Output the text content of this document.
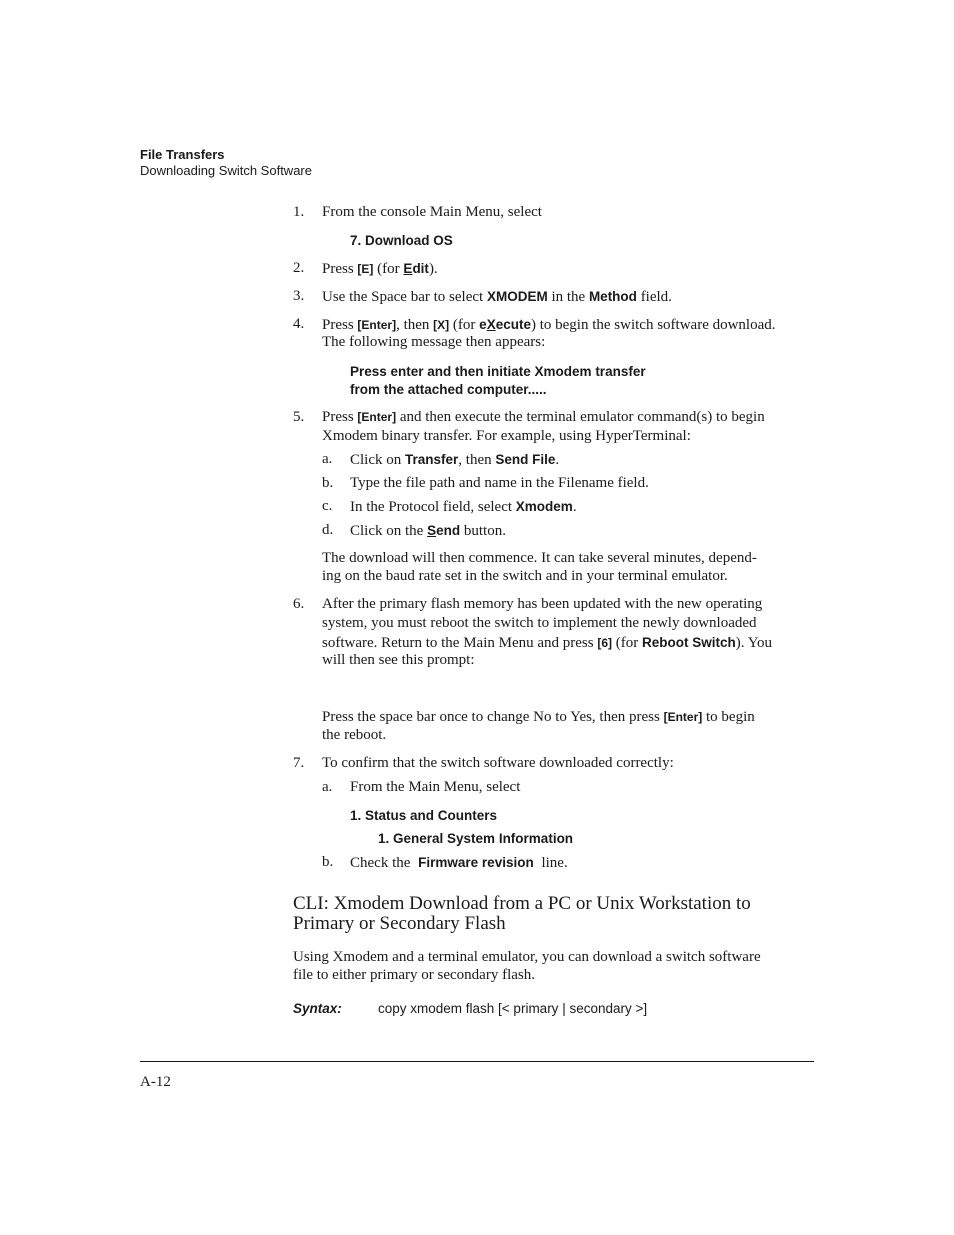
File Transfers
Downloading Switch Software
1. From the console Main Menu, select
7. Download OS
2. Press [E] (for Edit).
3. Use the Space bar to select XMODEM in the Method field.
4. Press [Enter], then [X] (for eXecute) to begin the switch software download.
The following message then appears:
Press enter and then initiate Xmodem transfer
from the attached computer.....
5. Press [Enter] and then execute the terminal emulator command(s) to begin
Xmodem binary transfer. For example, using HyperTerminal:
a. Click on Transfer, then Send File.
b. Type the file path and name in the Filename field.
c. In the Protocol field, select Xmodem.
d. Click on the Send button.
The download will then commence. It can take several minutes, depend-
ing on the baud rate set in the switch and in your terminal emulator.
6. After the primary flash memory has been updated with the new operating
system, you must reboot the switch to implement the newly downloaded
software. Return to the Main Menu and press [6] (for Reboot Switch). You
will then see this prompt:
Press the space bar once to change No to Yes, then press [Enter] to begin
the reboot.
7. To confirm that the switch software downloaded correctly:
a. From the Main Menu, select
1. Status and Counters
1. General System Information
b. Check the Firmware revision line.
CLI: Xmodem Download from a PC or Unix Workstation to
Primary or Secondary Flash
Using Xmodem and a terminal emulator, you can download a switch software
file to either primary or secondary flash.
Syntax:	copy xmodem flash [< primary | secondary >]
A-12
